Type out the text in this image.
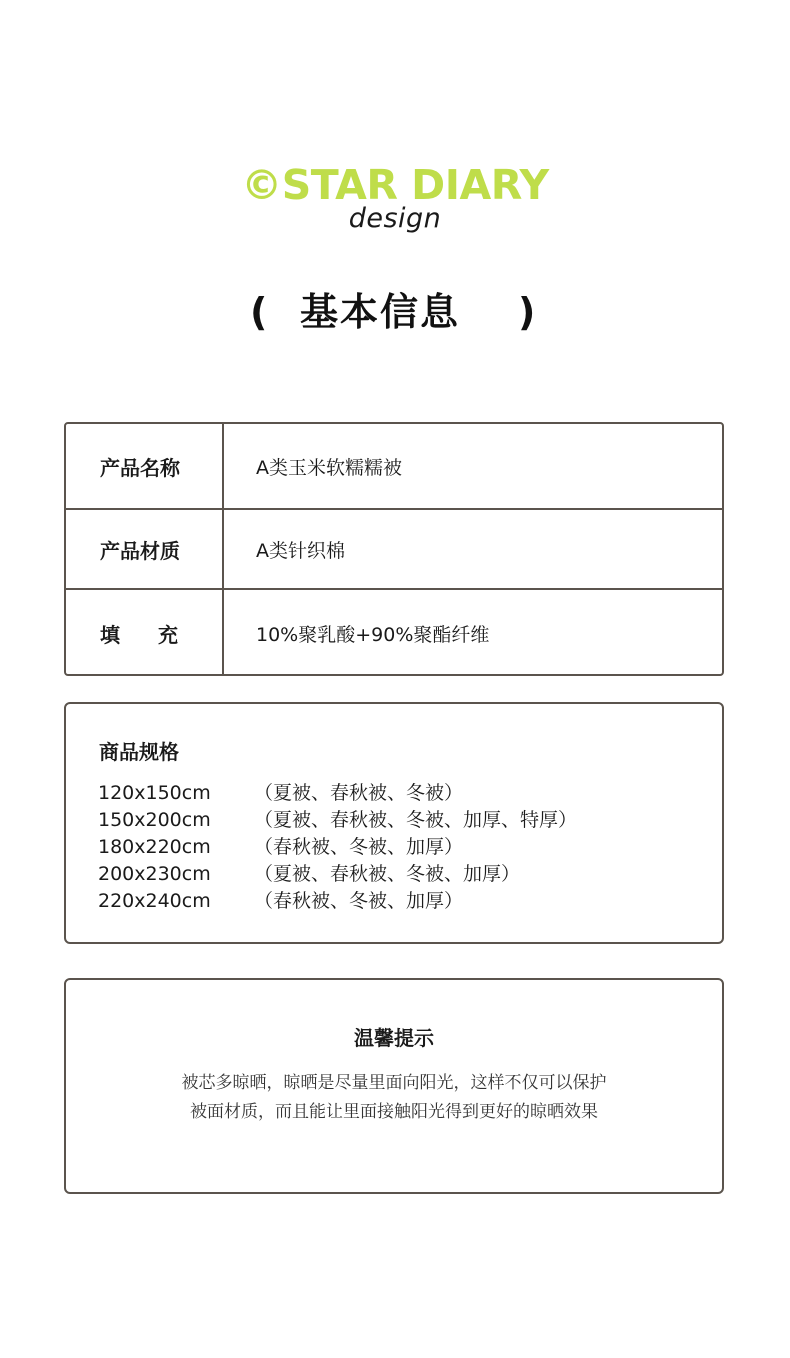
©STAR DIARY
design
( 基本信息 )
产品名称	A类玉米软糯糯被
产品材质	A类针织棉
填充 10%聚乳酸+90%聚酯纤维
商品规格
120x150cm （夏被、春秋被、冬被）
150x200cm （夏被、春秋被、冬被、加厚、特厚）
180x220cm （春秋被、冬被、加厚）
200x230cm （夏被、春秋被、冬被、加厚）
220x240cm （春秋被、冬被、加厚）
温馨提示
被芯多晾晒，晾晒是尽量里面向阳光，这样不仅可以保护
被面材质，而且能让里面接触阳光得到更好的晾晒效果
